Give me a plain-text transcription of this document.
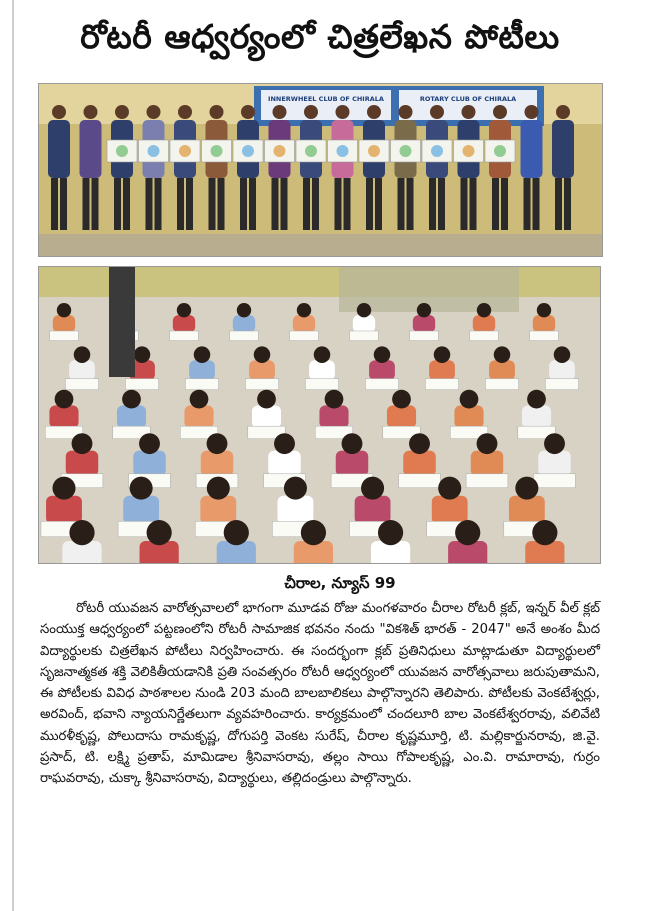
రోటరీ ఆధ్వర్యంలో చిత్రలేఖన పోటీలు
INNERWHEEL CLUB OF CHIRALA	ROTARY CLUB OF CHIRALA
చీరాల, న్యూస్ 99
రోటరీ యువజన వారోత్సవాలలో భాగంగా మూడవ రోజు మంగళవారం చీరాల రోటరీ క్లబ్, ఇన్నర్ వీల్ క్లబ్ సంయుక్త ఆధ్వర్యంలో పట్టణంలోని రోటరీ సామాజిక భవనం నందు "వికశిత్ భారత్ - 2047" అనే అంశం మీద విద్యార్థులకు చిత్రలేఖన పోటీలు నిర్వహించారు. ఈ సందర్భంగా క్లబ్ ప్రతినిధులు మాట్లాడుతూ విద్యార్థులలో సృజనాత్మకత శక్తి వెలికితీయడానికి ప్రతి సంవత్సరం రోటరీ ఆధ్వర్యంలో యువజన వారోత్సవాలు జరుపుతామని, ఈ పోటీలకు వివిధ పాఠశాలల నుండి 203 మంది బాలబాలికలు పాల్గొన్నారని తెలిపారు. పోటీలకు వెంకటేశ్వర్లు, అరవింద్, భవాని న్యాయనిర్ణేతలుగా వ్యవహరించారు. కార్యక్రమంలో చందలూరి బాల వెంకటేశ్వరరావు, వలివేటి మురళీకృష్ణ, పోలుదాసు రామకృష్ణ, దోగుపర్తి వెంకట సురేష్, చీరాల కృష్ణమూర్తి, టి. మల్లికార్జునరావు, జి.వై. ప్రసాద్, టి. లక్ష్మి ప్రతాప్, మామిడాల శ్రీనివాసరావు, తల్లం సాయి గోపాలకృష్ణ, ఎం.వి. రామారావు, గుర్రం రాఘవరావు, చుక్కా శ్రీనివాసరావు, విద్యార్థులు, తల్లిదండ్రులు పాల్గొన్నారు.
